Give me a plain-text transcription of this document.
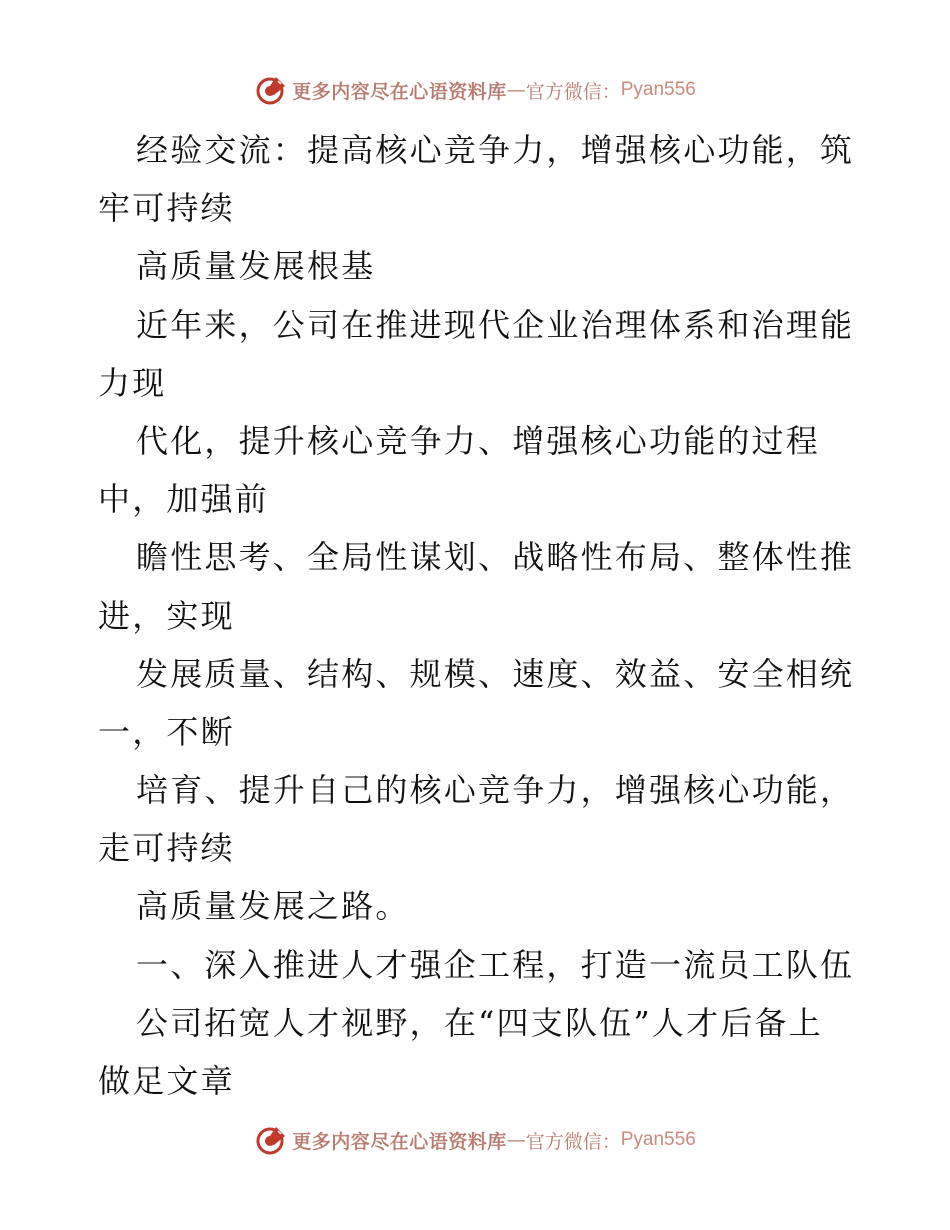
更多内容尽在心语资料库 — 官方微信： Pyan556
经验交流：提高核心竞争力，增强核心功能，筑
牢可持续
高质量发展根基
近年来，公司在推进现代企业治理体系和治理能
力现
代化，提升核心竞争力、增强核心功能的过程
中，加强前
瞻性思考、全局性谋划、战略性布局、整体性推
进，实现
发展质量、结构、规模、速度、效益、安全相统
一，不断
培育、提升自己的核心竞争力，增强核心功能，
走可持续
高质量发展之路。
一、深入推进人才强企工程，打造一流员工队伍
公司拓宽人才视野，在“四支队伍”人才后备上
做足文章
更多内容尽在心语资料库 — 官方微信： Pyan556
